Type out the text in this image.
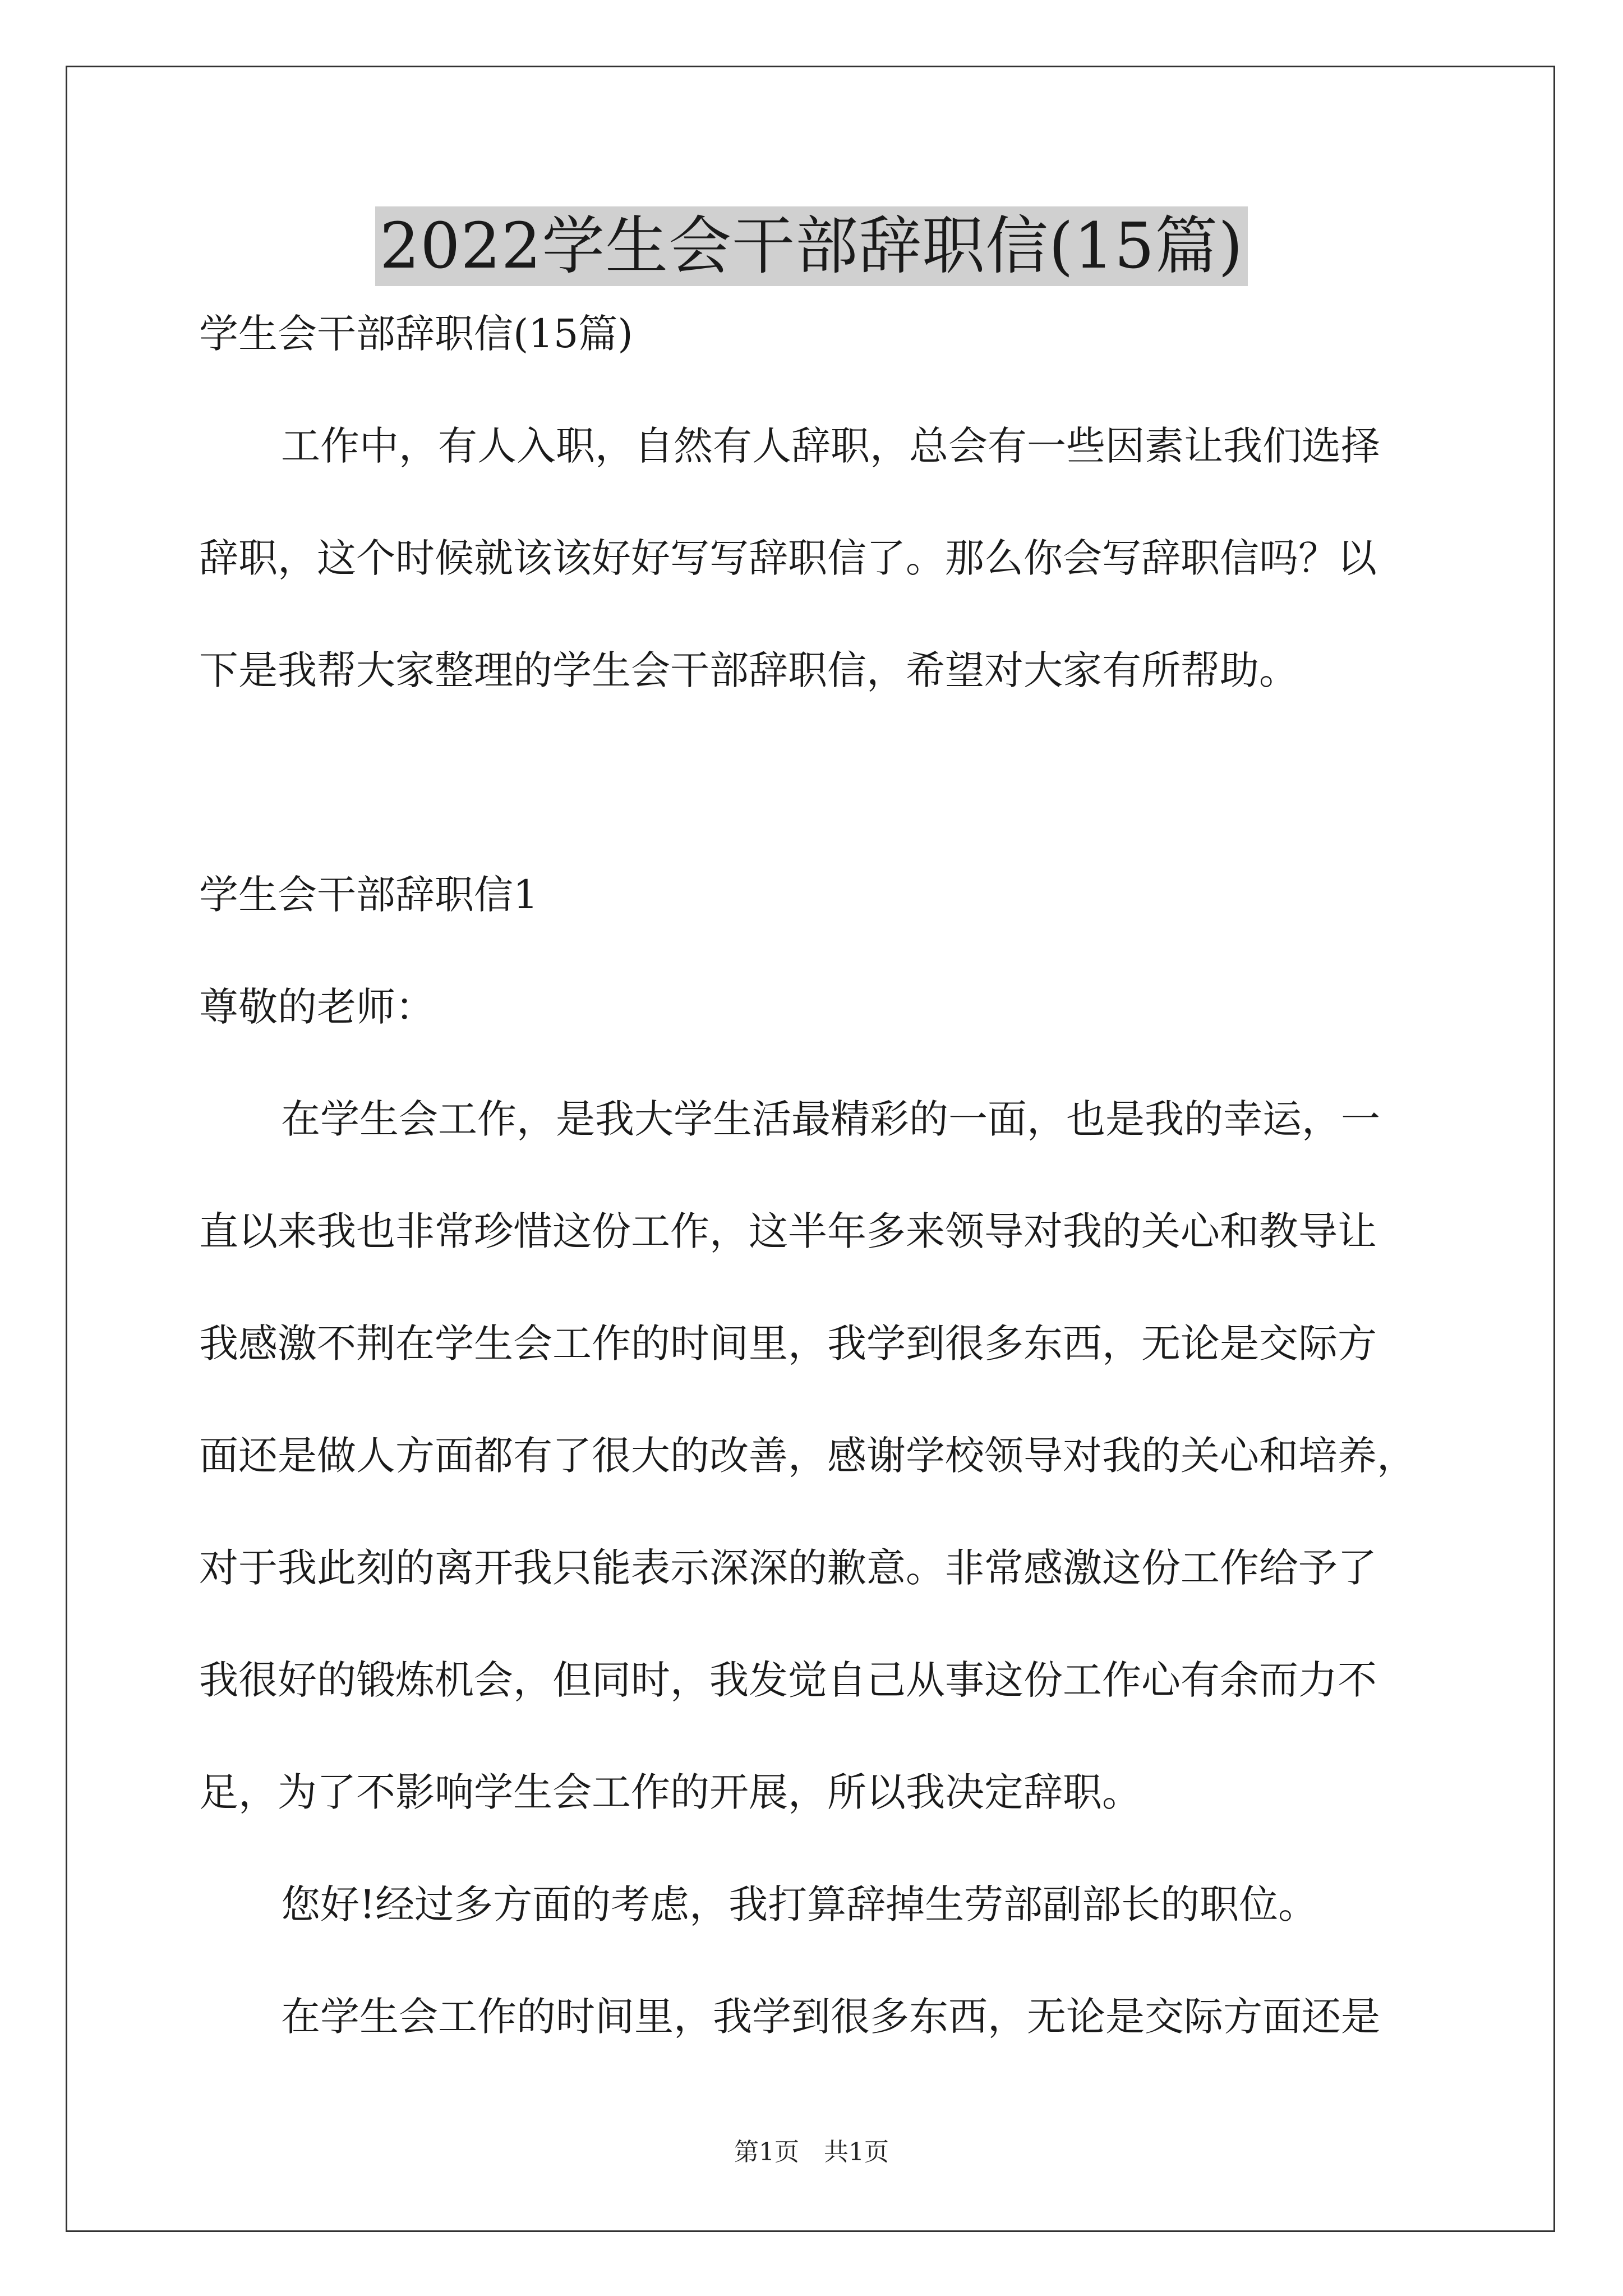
2022学生会干部辞职信(15篇)
学生会干部辞职信(15篇)
工作中，有人入职，自然有人辞职，总会有一些因素让我们选择
辞职，这个时候就该该好好写写辞职信了。那么你会写辞职信吗？以
下是我帮大家整理的学生会干部辞职信，希望对大家有所帮助。
学生会干部辞职信1
尊敬的老师：
在学生会工作，是我大学生活最精彩的一面，也是我的幸运，一
直以来我也非常珍惜这份工作，这半年多来领导对我的关心和教导让
我感激不荆在学生会工作的时间里，我学到很多东西，无论是交际方
面还是做人方面都有了很大的改善，感谢学校领导对我的关心和培养，
对于我此刻的离开我只能表示深深的歉意。非常感激这份工作给予了
我很好的锻炼机会，但同时，我发觉自己从事这份工作心有余而力不
足，为了不影响学生会工作的开展，所以我决定辞职。
您好!经过多方面的考虑，我打算辞掉生劳部副部长的职位。
在学生会工作的时间里，我学到很多东西，无论是交际方面还是
第1页 共1页
